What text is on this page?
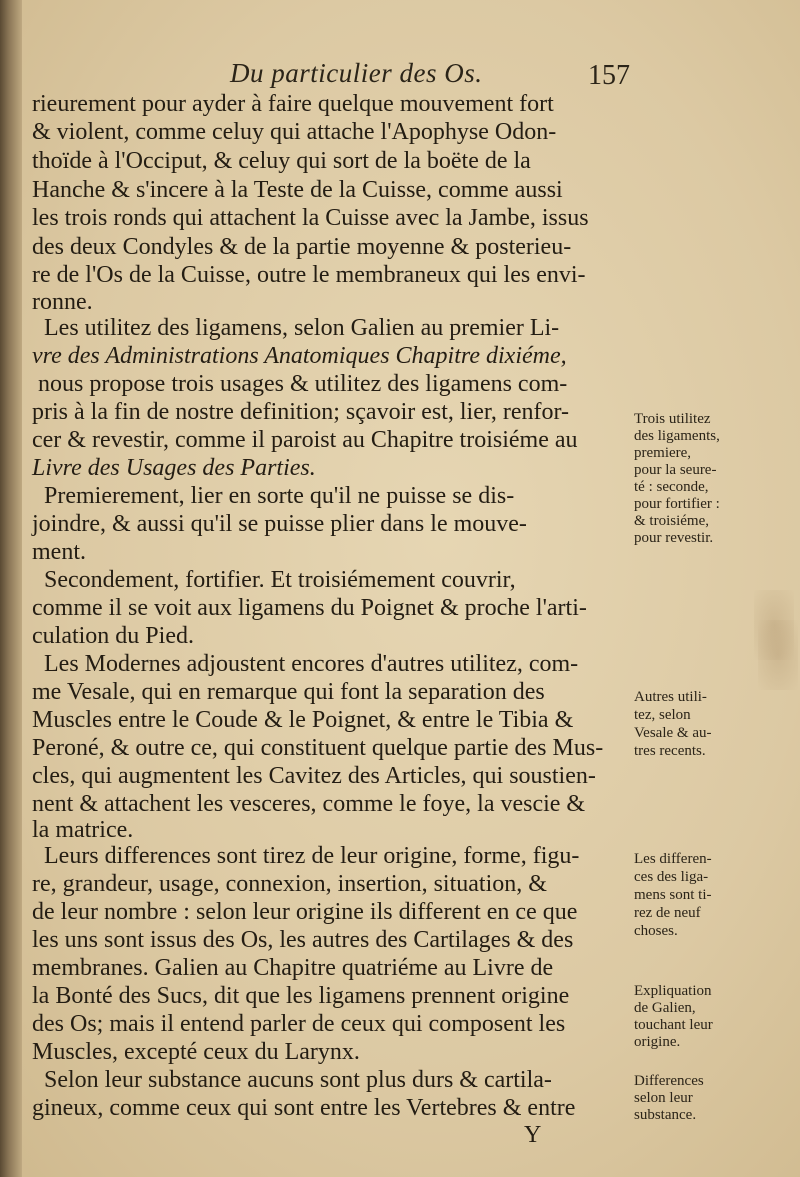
Du particulier des Os.	157
rieurement pour ayder à faire quelque mouvement fort
& violent, comme celuy qui attache l'Apophyse Odon-
thoïde à l'Occiput, & celuy qui sort de la boëte de la
Hanche & s'incere à la Teste de la Cuisse, comme aussi
les trois ronds qui attachent la Cuisse avec la Jambe, issus
des deux Condyles & de la partie moyenne & posterieu-
re de l'Os de la Cuisse, outre le membraneux qui les envi-
ronne.
Les utilitez des ligamens, selon Galien au premier Li-
vre des Administrations Anatomiques Chapitre dixiéme,
nous propose trois usages & utilitez des ligamens com-
pris à la fin de nostre definition; sçavoir est, lier, renfor-
cer & revestir, comme il paroist au Chapitre troisiéme au
Livre des Usages des Parties.
Premierement, lier en sorte qu'il ne puisse se dis-
joindre, & aussi qu'il se puisse plier dans le mouve-
ment.
Secondement, fortifier. Et troisiémement couvrir,
comme il se voit aux ligamens du Poignet & proche l'arti-
culation du Pied.
Les Modernes adjoustent encores d'autres utilitez, com-
me Vesale, qui en remarque qui font la separation des
Muscles entre le Coude & le Poignet, & entre le Tibia &
Peroné, & outre ce, qui constituent quelque partie des Mus-
cles, qui augmentent les Cavitez des Articles, qui soustien-
nent & attachent les vesceres, comme le foye, la vescie &
la matrice.
Leurs differences sont tirez de leur origine, forme, figu-
re, grandeur, usage, connexion, insertion, situation, &
de leur nombre : selon leur origine ils different en ce que
les uns sont issus des Os, les autres des Cartilages & des
membranes. Galien au Chapitre quatriéme au Livre de
la Bonté des Sucs, dit que les ligamens prennent origine
des Os; mais il entend parler de ceux qui composent les
Muscles, excepté ceux du Larynx.
Selon leur substance aucuns sont plus durs & cartila-
gineux, comme ceux qui sont entre les Vertebres & entre
Trois utilitez
des ligaments,
premiere,
pour la seure-
té : seconde,
pour fortifier :
& troisiéme,
pour revestir.
Autres utili-
tez, selon
Vesale & au-
tres recents.
Les differen-
ces des liga-
mens sont ti-
rez de neuf
choses.
Expliquation
de Galien,
touchant leur
origine.
Differences
selon leur
substance.
Y
